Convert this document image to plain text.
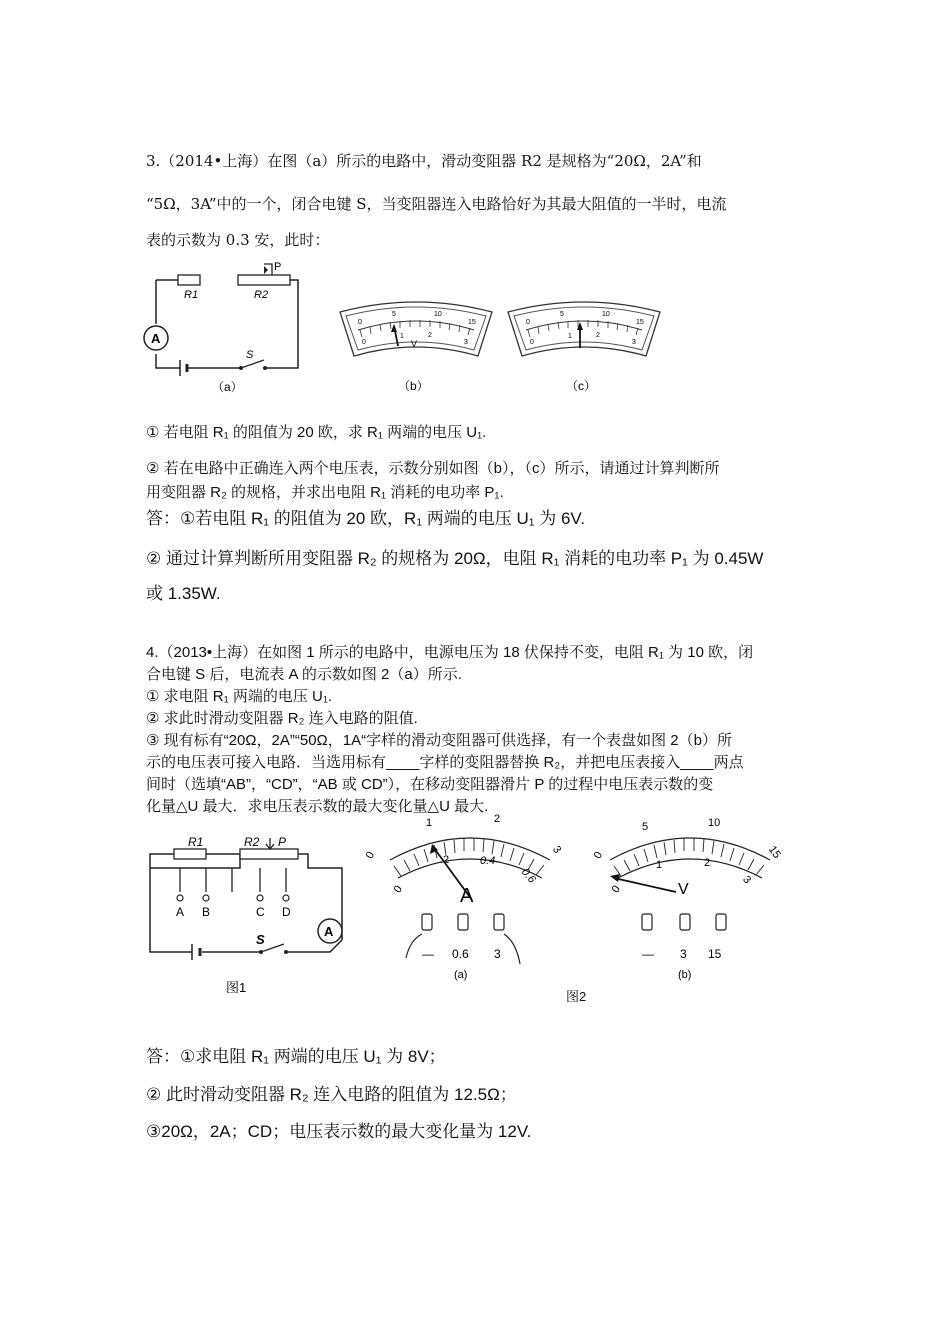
3.（2014•上海）在图（a）所示的电路中，滑动变阻器 R2 是规格为“20Ω，2A”和
“5Ω，3A”中的一个，闭合电键 S，当变阻器连入电路恰好为其最大阻值的一半时，电流
表的示数为 0.3 安，此时：
R1	R2
P
A
S
（a）
0
5	10
15
0
1	2
3
V
（b）
0
5	10
15
0
1	2
3
（c）
① 若电阻 R₁ 的阻值为 20 欧，求 R₁ 两端的电压 U₁.
② 若在电路中正确连入两个电压表，示数分别如图（b），（c）所示，请通过计算判断所
用变阻器 R₂ 的规格，并求出电阻 R₁ 消耗的电功率 P₁.
答：①若电阻 R₁ 的阻值为 20 欧，R₁ 两端的电压 U₁ 为 6V.
② 通过计算判断所用变阻器 R₂ 的规格为 20Ω，电阻 R₁ 消耗的电功率 P₁ 为 0.45W
或 1.35W.
4.（2013•上海）在如图 1 所示的电路中，电源电压为 18 伏保持不变，电阻 R₁ 为 10 欧，闭
合电键 S 后，电流表 A 的示数如图 2（a）所示.
① 求电阻 R₁ 两端的电压 U₁.
② 求此时滑动变阻器 R₂ 连入电路的阻值.
③ 现有标有“20Ω，2A”“50Ω，1A“字样的滑动变阻器可供选择，有一个表盘如图 2（b）所
示的电压表可接入电路．当选用标有____字样的变阻器替换 R₂，并把电压表接入____两点
间时（选填“AB”，“CD”，“AB 或 CD”），在移动变阻器滑片 P 的过程中电压表示数的变
化量△U 最大．求电压表示数的最大变化量△U 最大.
A B	C D
R1	R2 P
S
A
图1
0
1	2
3
0
.2	0.4
0.6
A
— 0.6 3
(a)
0
5	10
15
0
1	2
3
V
— 3 15
(b)
图2
答：①求电阻 R₁ 两端的电压 U₁ 为 8V；
② 此时滑动变阻器 R₂ 连入电路的阻值为 12.5Ω；
③20Ω，2A；CD；电压表示数的最大变化量为 12V.
